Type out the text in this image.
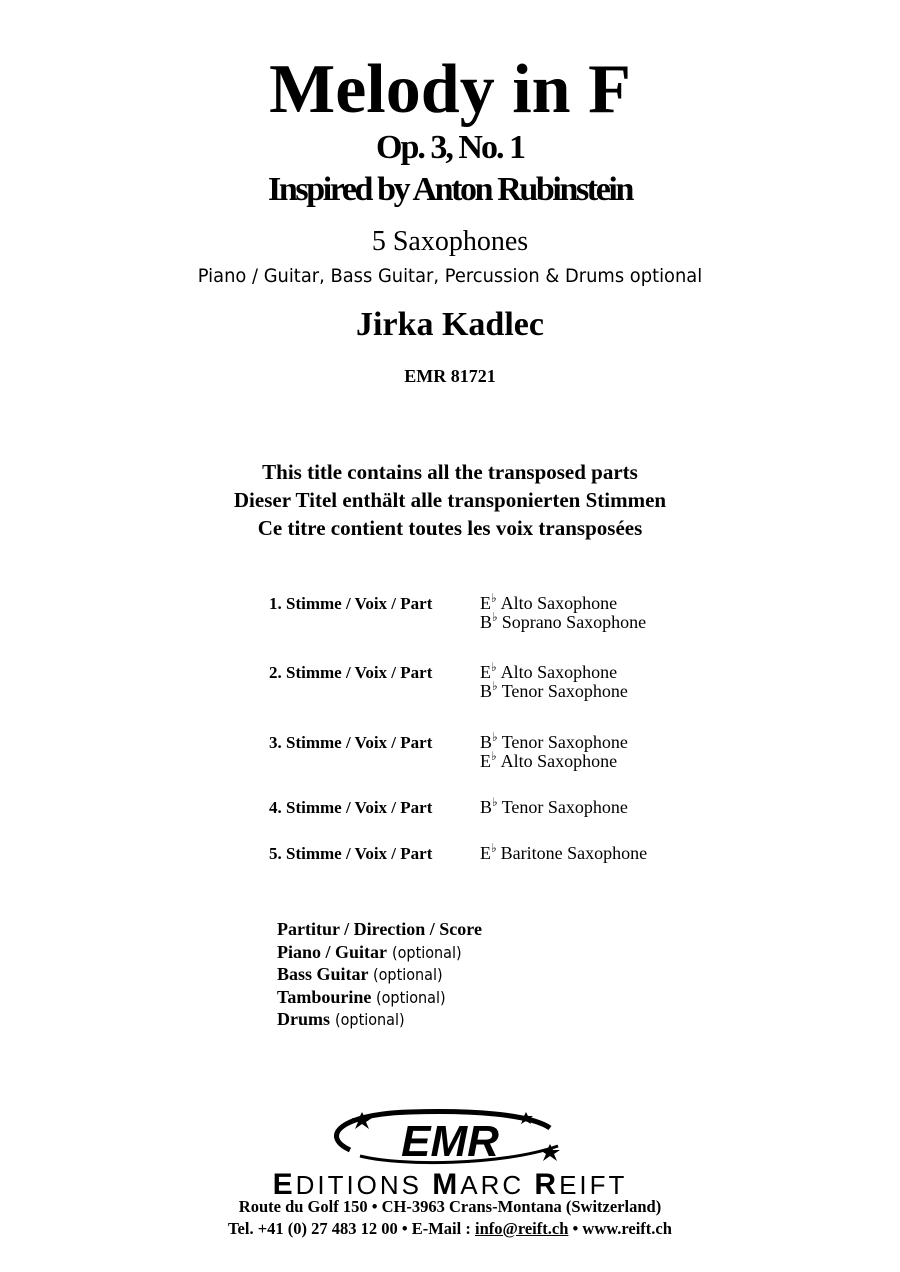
Melody in F
Op. 3, No. 1
Inspired by Anton Rubinstein
5 Saxophones
Piano / Guitar, Bass Guitar, Percussion & Drums optional
Jirka Kadlec
EMR 81721
This title contains all the transposed parts
Dieser Titel enthält alle transponierten Stimmen
Ce titre contient toutes les voix transposées
1. Stimme / Voix / Part	E♭ Alto Saxophone
B♭ Soprano Saxophone
2. Stimme / Voix / Part	E♭ Alto Saxophone
B♭ Tenor Saxophone
3. Stimme / Voix / Part	B♭ Tenor Saxophone
E♭ Alto Saxophone
4. Stimme / Voix / Part	B♭ Tenor Saxophone
5. Stimme / Voix / Part	E♭ Baritone Saxophone
Partitur / Direction / Score
Piano / Guitar (optional)
Bass Guitar (optional)
Tambourine (optional)
Drums (optional)
EMR
EDITIONS MARC REIFT
Route du Golf 150 • CH-3963 Crans-Montana (Switzerland)
Tel. +41 (0) 27 483 12 00 • E-Mail : info@reift.ch • www.reift.ch
